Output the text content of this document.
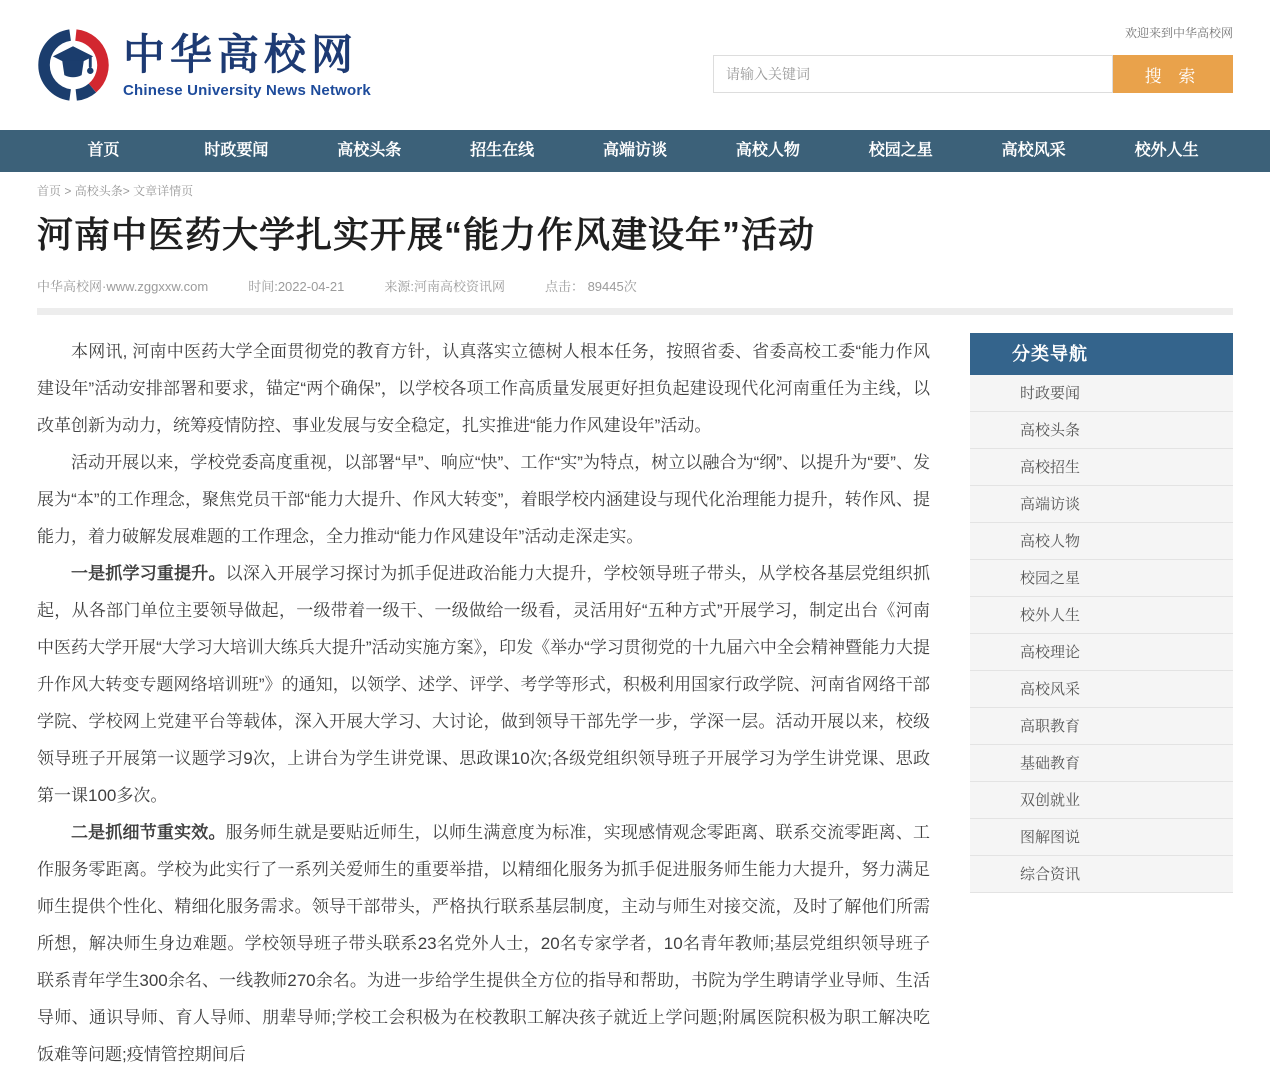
中华高校网
Chinese University News Network
欢迎来到中华高校网
请输入关键词
搜 索
首页	时政要闻	高校头条	招生在线	高端访谈	高校人物	校园之星	高校风采	校外人生
首页 > 高校头条> 文章详情页
河南中医药大学扎实开展“能力作风建设年”活动
中华高校网·www.zggxxw.com	时间:2022-04-21	来源:河南高校资讯网	点击： 89445次

本网讯, 河南中医药大学全面贯彻党的教育方针，认真落实立德树人根本任务，按照省委、省委高校工委“能力作风建设年”活动安排部署和要求，锚定“两个确保”，以学校各项工作高质量发展更好担负起建设现代化河南重任为主线，以改革创新为动力，统筹疫情防控、事业发展与安全稳定，扎实推进“能力作风建设年”活动。

活动开展以来，学校党委高度重视，以部署“早”、响应“快”、工作“实”为特点，树立以融合为“纲”、以提升为“要”、发展为“本”的工作理念，聚焦党员干部“能力大提升、作风大转变”，着眼学校内涵建设与现代化治理能力提升，转作风、提能力，着力破解发展难题的工作理念，全力推动“能力作风建设年”活动走深走实。

一是抓学习重提升。以深入开展学习探讨为抓手促进政治能力大提升，学校领导班子带头，从学校各基层党组织抓起，从各部门单位主要领导做起，一级带着一级干、一级做给一级看，灵活用好“五种方式”开展学习，制定出台《河南中医药大学开展“大学习大培训大练兵大提升”活动实施方案》，印发《举办“学习贯彻党的十九届六中全会精神暨能力大提升作风大转变专题网络培训班”》的通知，以领学、述学、评学、考学等形式，积极利用国家行政学院、河南省网络干部学院、学校网上党建平台等载体，深入开展大学习、大讨论，做到领导干部先学一步，学深一层。活动开展以来，校级领导班子开展第一议题学习9次，上讲台为学生讲党课、思政课10次;各级党组织领导班子开展学习为学生讲党课、思政第一课100多次。

二是抓细节重实效。服务师生就是要贴近师生，以师生满意度为标准，实现感情观念零距离、联系交流零距离、工作服务零距离。学校为此实行了一系列关爱师生的重要举措，以精细化服务为抓手促进服务师生能力大提升，努力满足师生提供个性化、精细化服务需求。领导干部带头，严格执行联系基层制度，主动与师生对接交流，及时了解他们所需所想，解决师生身边难题。学校领导班子带头联系23名党外人士，20名专家学者，10名青年教师;基层党组织领导班子联系青年学生300余名、一线教师270余名。为进一步给学生提供全方位的指导和帮助，书院为学生聘请学业导师、生活导师、通识导师、育人导师、朋辈导师;学校工会积极为在校教职工解决孩子就近上学问题;附属医院积极为职工解决吃饭难等问题;疫情管控期间后

分类导航
时政要闻
高校头条
高校招生
高端访谈
高校人物
校园之星
校外人生
高校理论
高校风采
高职教育
基础教育
双创就业
图解图说
综合资讯
